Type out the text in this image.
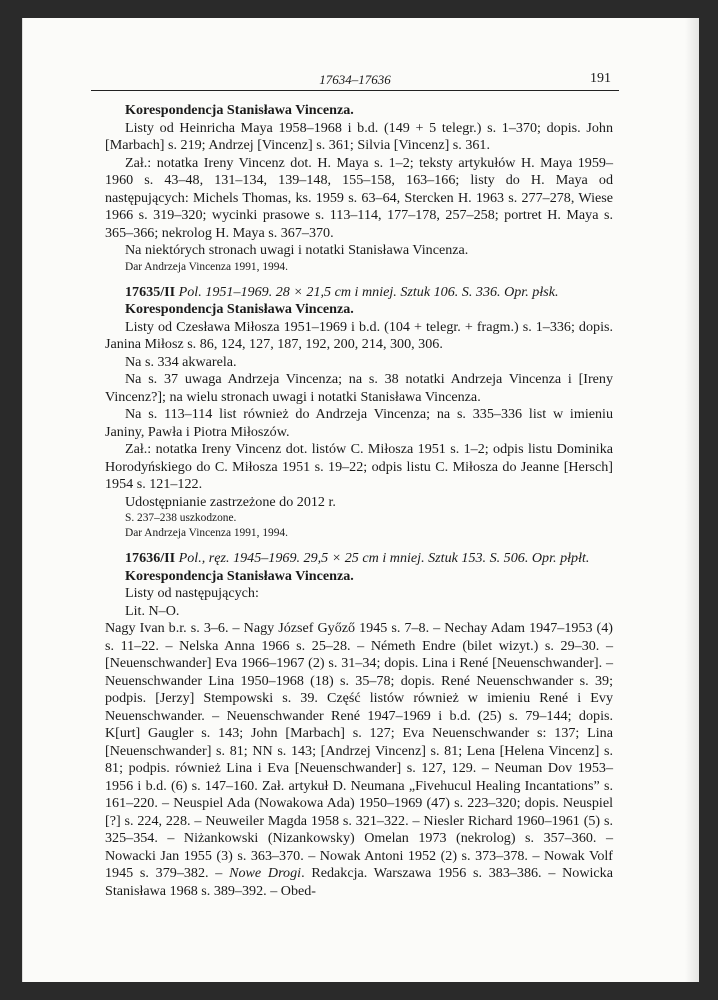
17634–17636	191

Korespondencja Stanisława Vincenza.

Listy od Heinricha Maya 1958–1968 i b.d. (149 + 5 telegr.) s. 1–370; dopis. John [Marbach] s. 219; Andrzej [Vincenz] s. 361; Silvia [Vincenz] s. 361.

Zał.: notatka Ireny Vincenz dot. H. Maya s. 1–2; teksty artykułów H. Maya 1959–1960 s. 43–48, 131–134, 139–148, 155–158, 163–166; listy do H. Maya od następujących: Michels Thomas, ks. 1959 s. 63–64, Stercken H. 1963 s. 277–278, Wiese 1966 s. 319–320; wycinki prasowe s. 113–114, 177–178, 257–258; portret H. Maya s. 365–366; nekrolog H. Maya s. 367–370.

Na niektórych stronach uwagi i notatki Stanisława Vincenza.

Dar Andrzeja Vincenza 1991, 1994.

17635/II Pol. 1951–1969. 28 × 21,5 cm i mniej. Sztuk 106. S. 336. Opr. płsk.

Korespondencja Stanisława Vincenza.

Listy od Czesława Miłosza 1951–1969 i b.d. (104 + telegr. + fragm.) s. 1–336; dopis. Janina Miłosz s. 86, 124, 127, 187, 192, 200, 214, 300, 306.

Na s. 334 akwarela.

Na s. 37 uwaga Andrzeja Vincenza; na s. 38 notatki Andrzeja Vincenza i [Ireny Vincenz?]; na wielu stronach uwagi i notatki Stanisława Vincenza.

Na s. 113–114 list również do Andrzeja Vincenza; na s. 335–336 list w imieniu Janiny, Pawła i Piotra Miłoszów.

Zał.: notatka Ireny Vincenz dot. listów C. Miłosza 1951 s. 1–2; odpis listu Dominika Horodyńskiego do C. Miłosza 1951 s. 19–22; odpis listu C. Miłosza do Jeanne [Hersch] 1954 s. 121–122.

Udostępnianie zastrzeżone do 2012 r.

S. 237–238 uszkodzone.

Dar Andrzeja Vincenza 1991, 1994.

17636/II Pol., ręz. 1945–1969. 29,5 × 25 cm i mniej. Sztuk 153. S. 506. Opr. płpłt.

Korespondencja Stanisława Vincenza.

Listy od następujących:

Lit. N–O.

Nagy Ivan b.r. s. 3–6. – Nagy József Győző 1945 s. 7–8. – Nechay Adam 1947–1953 (4) s. 11–22. – Nelska Anna 1966 s. 25–28. – Németh Endre (bilet wizyt.) s. 29–30. – [Neuenschwander] Eva 1966–1967 (2) s. 31–34; dopis. Lina i René [Neuenschwander]. – Neuenschwander Lina 1950–1968 (18) s. 35–78; dopis. René Neuenschwander s. 39; podpis. [Jerzy] Stempowski s. 39. Część listów również w imieniu René i Evy Neuenschwander. – Neuenschwander René 1947–1969 i b.d. (25) s. 79–144; dopis. K[urt] Gaugler s. 143; John [Marbach] s. 127; Eva Neuenschwander s: 137; Lina [Neuenschwander] s. 81; NN s. 143; [Andrzej Vincenz] s. 81; Lena [Helena Vincenz] s. 81; podpis. również Lina i Eva [Neuenschwander] s. 127, 129. – Neuman Dov 1953–1956 i b.d. (6) s. 147–160. Zał. artykuł D. Neumana „Fivehucul Healing Incantations” s. 161–220. – Neuspiel Ada (Nowakowa Ada) 1950–1969 (47) s. 223–320; dopis. Neuspiel [?] s. 224, 228. – Neuweiler Magda 1958 s. 321–322. – Niesler Richard 1960–1961 (5) s. 325–354. – Niżankowski (Nizankowsky) Omelan 1973 (nekrolog) s. 357–360. – Nowacki Jan 1955 (3) s. 363–370. – Nowak Antoni 1952 (2) s. 373–378. – Nowak Volf 1945 s. 379–382. – Nowe Drogi. Redakcja. Warszawa 1956 s. 383–386. – Nowicka Stanisława 1968 s. 389–392. – Obed-
